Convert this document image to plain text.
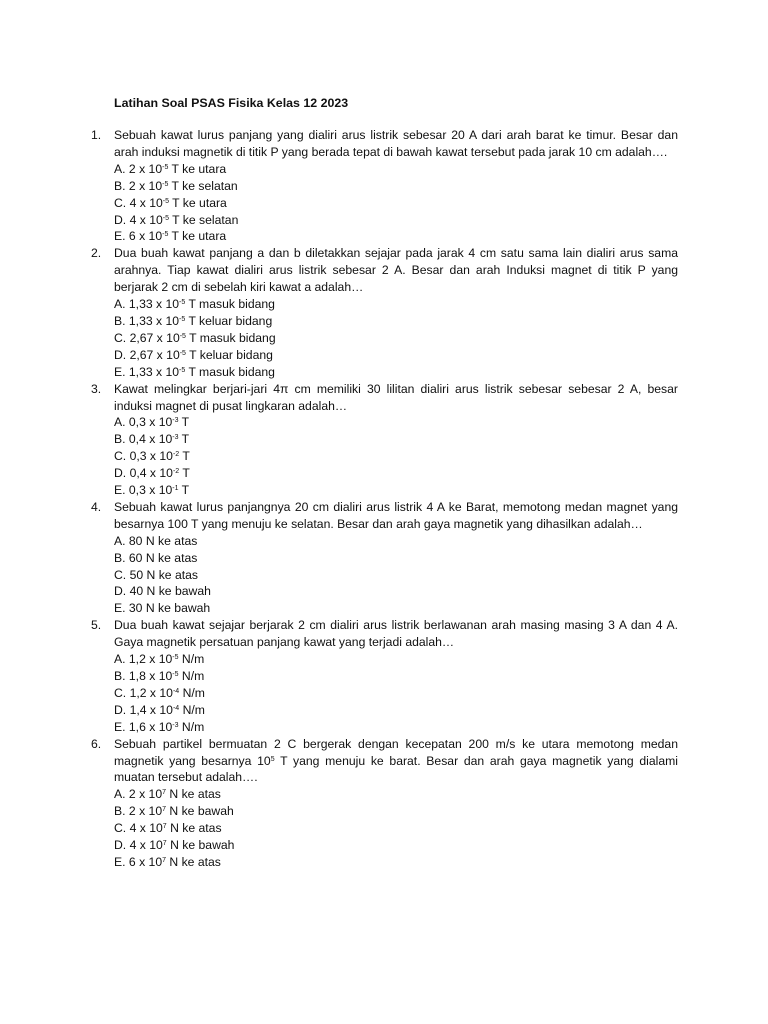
Latihan Soal PSAS Fisika Kelas 12 2023
1. Sebuah kawat lurus panjang yang dialiri arus listrik sebesar 20 A dari arah barat ke timur. Besar dan arah induksi magnetik di titik P yang berada tepat di bawah kawat tersebut pada jarak 10 cm adalah….

A. 2 x $10^{-5}$ T ke utara
B. 2 x $10^{-5}$ T ke selatan
C. 4 x $10^{-5}$ T ke utara
D. 4 x $10^{-5}$ T ke selatan
E. 6 x $10^{-5}$ T ke utara
2. Dua buah kawat panjang a dan b diletakkan sejajar pada jarak 4 cm satu sama lain dialiri arus sama arahnya. Tiap kawat dialiri arus listrik sebesar 2 A. Besar dan arah Induksi magnet di titik P yang berjarak 2 cm di sebelah kiri kawat a adalah…

A. 1,33 x $10^{-5}$ T masuk bidang
B. 1,33 x $10^{-5}$ T keluar bidang
C. 2,67 x $10^{-5}$ T masuk bidang
D. 2,67 x $10^{-5}$ T keluar bidang
E. 1,33 x $10^{-5}$ T masuk bidang
3. Kawat melingkar berjari-jari 4π cm memiliki 30 lilitan dialiri arus listrik sebesar sebesar 2 A, besar induksi magnet di pusat lingkaran adalah…

A. 0,3 x $10^{-3}$ T
B. 0,4 x $10^{-3}$ T
C. 0,3 x $10^{-2}$ T
D. 0,4 x $10^{-2}$ T
E. 0,3 x $10^{-1}$ T
4. Sebuah kawat lurus panjangnya 20 cm dialiri arus listrik 4 A ke Barat, memotong medan magnet yang besarnya 100 T yang menuju ke selatan. Besar dan arah gaya magnetik yang dihasilkan adalah…

A. 80 N ke atas
B. 60 N ke atas
C. 50 N ke atas
D. 40 N ke bawah
E. 30 N ke bawah
5. Dua buah kawat sejajar berjarak 2 cm dialiri arus listrik berlawanan arah masing masing 3 A dan 4 A. Gaya magnetik persatuan panjang kawat yang terjadi adalah…

A. 1,2 x $10^{-5}$ N/m
B. 1,8 x $10^{-5}$ N/m
C. 1,2 x $10^{-4}$ N/m
D. 1,4 x $10^{-4}$ N/m
E. 1,6 x $10^{-3}$ N/m
6. Sebuah partikel bermuatan 2 C bergerak dengan kecepatan 200 m/s ke utara memotong medan magnetik yang besarnya $10^5$ T yang menuju ke barat. Besar dan arah gaya magnetik yang dialami muatan tersebut adalah….

A. 2 x $10^7$ N ke atas
B. 2 x $10^7$ N ke bawah
C. 4 x $10^7$ N ke atas
D. 4 x $10^7$ N ke bawah
E. 6 x $10^7$ N ke atas
